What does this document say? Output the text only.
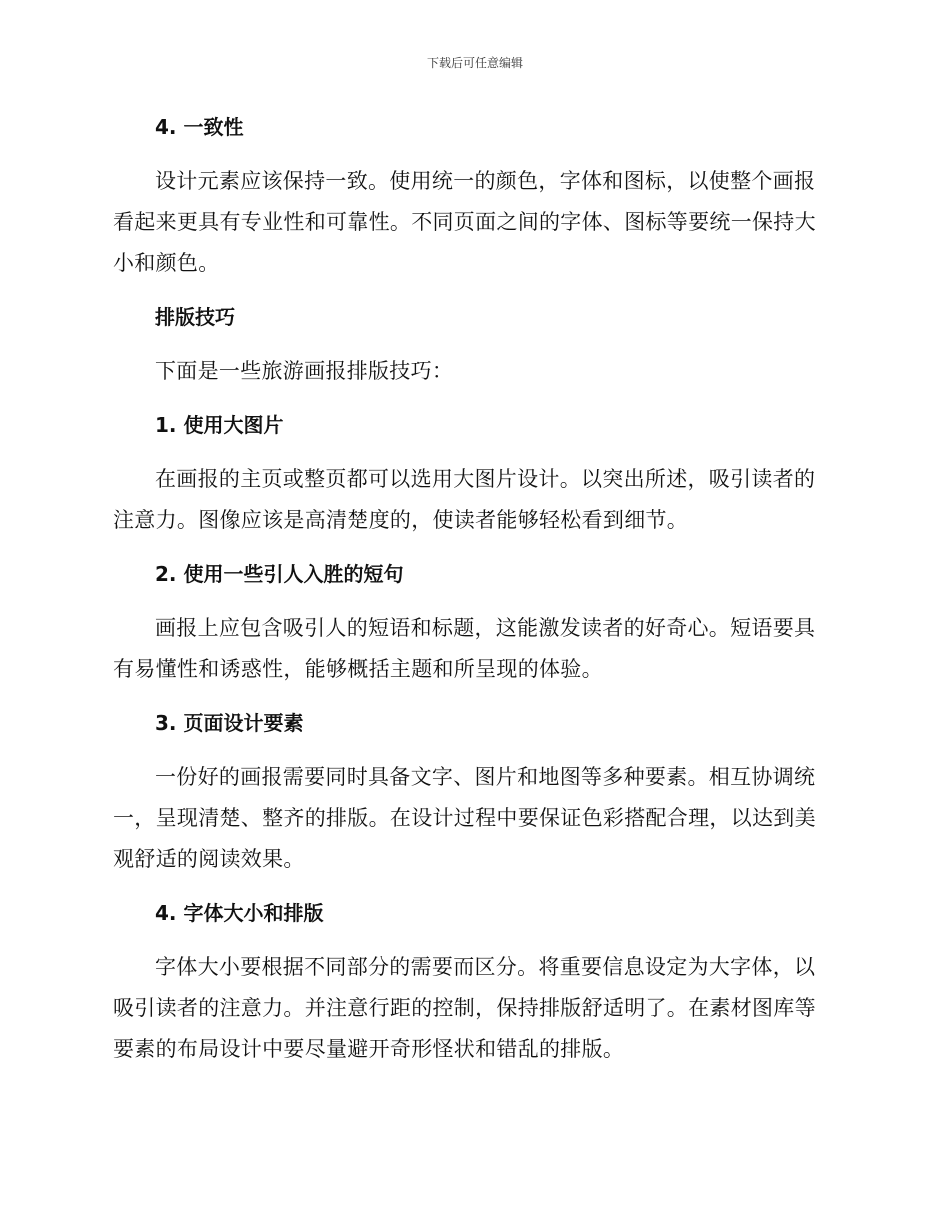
下载后可任意编辑
4. 一致性

设计元素应该保持一致。使用统一的颜色，字体和图标，以使整个画报看起来更具有专业性和可靠性。不同页面之间的字体、图标等要统一保持大小和颜色。

排版技巧

下面是一些旅游画报排版技巧：

1. 使用大图片

在画报的主页或整页都可以选用大图片设计。以突出所述，吸引读者的注意力。图像应该是高清楚度的，使读者能够轻松看到细节。

2. 使用一些引人入胜的短句

画报上应包含吸引人的短语和标题，这能激发读者的好奇心。短语要具有易懂性和诱惑性，能够概括主题和所呈现的体验。

3. 页面设计要素

一份好的画报需要同时具备文字、图片和地图等多种要素。相互协调统一，呈现清楚、整齐的排版。在设计过程中要保证色彩搭配合理，以达到美观舒适的阅读效果。

4. 字体大小和排版

字体大小要根据不同部分的需要而区分。将重要信息设定为大字体，以吸引读者的注意力。并注意行距的控制，保持排版舒适明了。在素材图库等要素的布局设计中要尽量避开奇形怪状和错乱的排版。
